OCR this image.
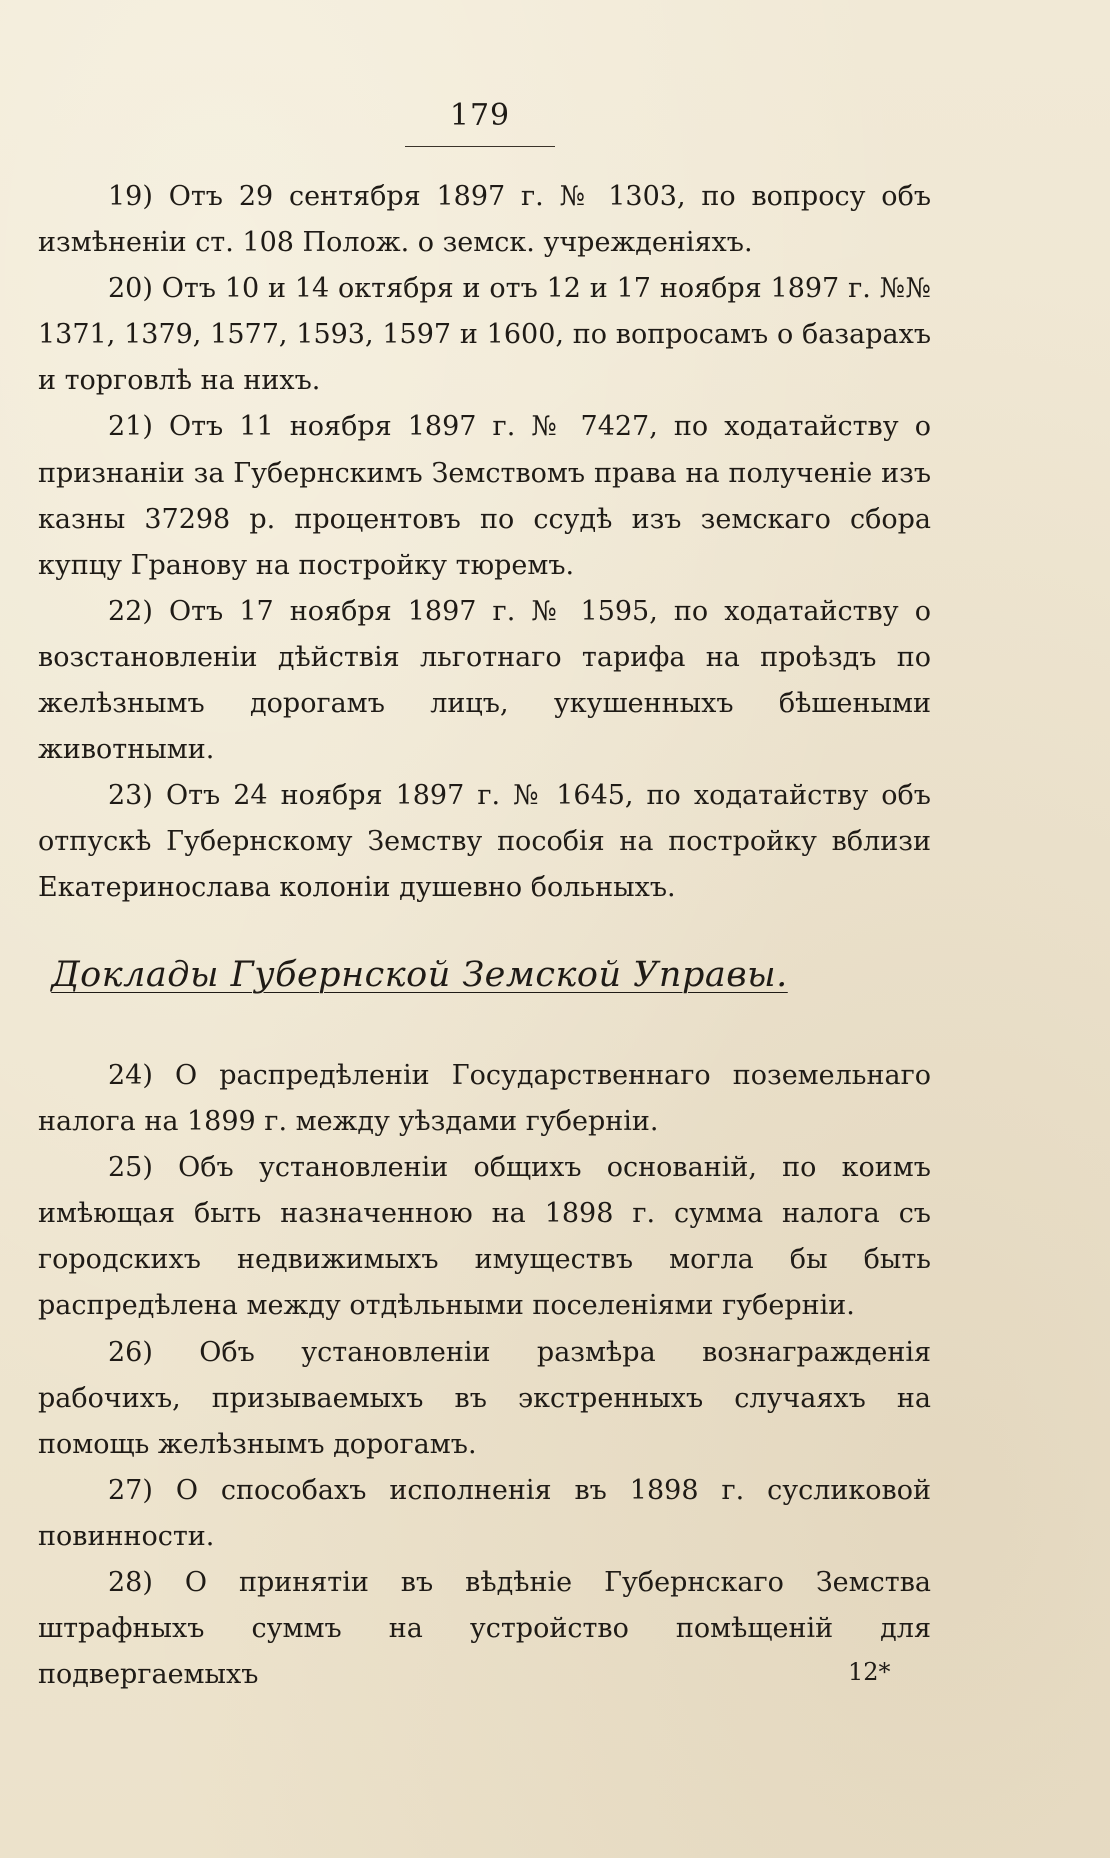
179

19) Отъ 29 сентября 1897 г. № 1303, по вопросу объ измѣненіи ст. 108 Полож. о земск. учрежденіяхъ.

20) Отъ 10 и 14 октября и отъ 12 и 17 ноября 1897 г. №№ 1371, 1379, 1577, 1593, 1597 и 1600, по вопросамъ о базарахъ и торговлѣ на нихъ.

21) Отъ 11 ноября 1897 г. № 7427, по ходатайству о признаніи за Губернскимъ Земствомъ права на полученіе изъ казны 37298 р. процентовъ по ссудѣ изъ земскаго сбора купцу Гранову на постройку тюремъ.

22) Отъ 17 ноября 1897 г. № 1595, по ходатайству о возстановленіи дѣйствія льготнаго тарифа на проѣздъ по желѣзнымъ дорогамъ лицъ, укушенныхъ бѣшеными животными.

23) Отъ 24 ноября 1897 г. № 1645, по ходатайству объ отпускѣ Губернскому Земству пособія на постройку вблизи Екатеринослава колоніи душевно больныхъ.

Доклады Губернской Земской Управы.

24) О распредѣленіи Государственнаго поземельнаго налога на 1899 г. между уѣздами губерніи.

25) Объ установленіи общихъ основаній, по коимъ имѣющая быть назначенною на 1898 г. сумма налога съ городскихъ недвижимыхъ имуществъ могла бы быть распредѣлена между отдѣльными поселеніями губерніи.

26) Объ установленіи размѣра вознагражденія рабочихъ, призываемыхъ въ экстренныхъ случаяхъ на помощь желѣзнымъ дорогамъ.

27) О способахъ исполненія въ 1898 г. сусликовой повинности.

28) О принятіи въ вѣдѣніе Губернскаго Земства штрафныхъ суммъ на устройство помѣщеній для подвергаемыхъ	12*
